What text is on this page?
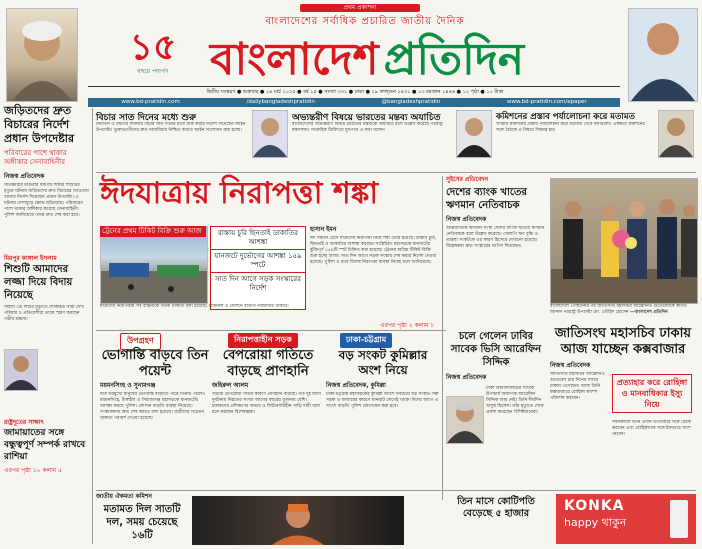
১৫
বছরে পদার্পণ
প্রথম প্রকাশনা
বাংলাদেশের সর্বাধিক প্রচারিত জাতীয় দৈনিক
বাংলাদেশ প্রতিদিন
দ্বিতীয় সংস্করণ ● শুক্রবার ● ১৪ মার্চ ২০২৫ ● বর্ষ ১৫ ● সংখ্যা ৩৩২ ● ঢাকা ● ২৯ ফাল্গুন ১৪৩১ ● ১৩ রমজান ১৪৪৬ ● ১২ পৃষ্ঠা ● ১০ টাকা
www.bd-pratidin.com	/dailybangladeshpratidin	@bangladeshpratidin	www.bd-pratidin.com/epaper
জড়িতদের দ্রুত বিচারের নির্দেশ প্রধান উপদেষ্টার
পরিবারের পাশে থাকার অঙ্গীকার সেনাবাহিনীর
নিজস্ব প্রতিবেদক
সাতক্ষীরার মাগুরায় ধর্ষণের শিকার শিশুটির মৃত্যুর ঘটনায় জড়িতদের দ্রুত বিচারের আওতায় আনার নির্দেশ দিয়েছেন প্রধান উপদেষ্টা। এ ঘটনায় দেশজুড়ে ক্ষোভ ছড়িয়েছে। পরিবারের পাশে থাকার অঙ্গীকার করেছে সেনাবাহিনী। পুলিশ জানিয়েছে তদন্ত দ্রুত শেষ করা হবে।
মিরপুর কাঙ্গাল ইসলাম
শিশুটি আমাদের লজ্জা দিয়ে বিদায় নিয়েছে
সাহসী এই শিশুর মৃত্যুতে শোকাহত সারা দেশ। পরিবার ও প্রতিবেশীরা তাকে স্মরণ করছেন গভীর শ্রদ্ধায়।
রাষ্ট্রদূতের সাক্ষাৎ
জামায়াতের সঙ্গে বন্ধুত্বপূর্ণ সম্পর্ক রাখবে রাশিয়া
এরপর পৃষ্ঠা ১০ কলাম ৫
বিচার সাত দিনের মধ্যে শুরু
নির্যাতন ও ধর্ষণের মামলার বিচার সাত দিনের মধ্যে শুরু করার নির্দেশ দিয়েছেন আইন উপদেষ্টা। ভুক্তভোগীদের দ্রুত ন্যায়বিচার নিশ্চিত করতে আইন সংশোধন করা হচ্ছে।
অভ্যন্তরীণ বিষয়ে ভারতের মন্তব্য অযাচিত
বাংলাদেশের অভ্যন্তরীণ বিষয়ে ভারতের মন্তব্যকে অযাচিত বলে উল্লেখ করেছে পররাষ্ট্র মন্ত্রণালয়। সাপ্তাহিক ব্রিফিংয়ে মুখপাত্র এ কথা বলেন।
কমিশনের প্রস্তাব পর্যালোচনা করে মতামত
সংস্কার কমিশনের প্রস্তাব পর্যালোচনা করে মতামত দেবে দলগুলো। ঐকমত্য কমিশনের সঙ্গে বৈঠকে এ বিষয়ে সিদ্ধান্ত হয়।
ঈদযাত্রায় নিরাপত্তা শঙ্কা
ট্রেনের প্রথম টিকিট বিক্রি শুরু আজ	রাস্তায় চুরি ছিনতাই ডাকাতির আশঙ্কা
যানজটে দুর্ভোগের আশঙ্কা ১৫৯ স্পটে
সাত দিন আগে সড়ক সংস্কারের নির্দেশ
হাসান ইমন
ঈদ সামনে রেখে যাত্রীদের নিরাপত্তা নিয়ে শঙ্কা তৈরি হয়েছে। রাস্তায় চুরি, ছিনতাই ও ডাকাতির আশঙ্কা করছেন সংশ্লিষ্টরা। মহাসড়কে যানজটের ঝুঁকিপূর্ণ ১৫৯টি স্পট চিহ্নিত করা হয়েছে। ট্রেনের অগ্রিম টিকিট বিক্রি শুরু হচ্ছে আজ। সাত দিন আগে সড়ক সংস্কার শেষ করার নির্দেশ দেওয়া হয়েছে। পুলিশ ও র‍্যাব বিশেষ নিরাপত্তা ব্যবস্থা নিচ্ছে বলে জানিয়েছে।
যাত্রীদের নিরাপত্তায় সব বাহিনীকে সতর্ক থাকতে বলা হয়েছে। টার্মিনাল ও স্টেশনে বাড়তি নজরদারি থাকবে।
এরপর পৃষ্ঠা ২ কলাম ১
সুইসের প্রতিবেদন
দেশের ব্যাংক খাতের ঋণমান নেতিবাচক
নিজস্ব প্রতিবেদক
আন্তর্জাতিক ঋণমান সংস্থা দেশের ব্যাংক খাতের ঋণমান নেতিবাচক বলে উল্লেখ করেছে। খেলাপি ঋণ বৃদ্ধি ও তারল্য সংকটকে এর কারণ হিসেবে দেখানো হয়েছে। বিশ্লেষকরা দ্রুত সংস্কারের তাগিদ দিয়েছেন।
বাংলাদেশে পৌঁছানোর পর জাতিসংঘ মহাসচিব আন্তোনিও গুতেরেসকে স্বাগত জানান পররাষ্ট্র উপদেষ্টা মো. তৌহিদ হোসেন —বাংলাদেশ প্রতিদিন
উপগ্রহণ
ভোগান্তি বাড়বে তিন পয়েন্ট
ময়মনসিংহ ও সুনামগঞ্জ
ঈদে ঘরমুখো মানুষের ভোগান্তি বাড়াতে পারে তিনটি পয়েন্ট। ময়মনসিংহ, টাঙ্গাইল ও সিরাজগঞ্জ মহাসড়কে যানজটের আশঙ্কা করছে পুলিশ। প্রশাসন বাড়তি ব্যবস্থা নিয়েছে। সংস্কারকাজ দ্রুত শেষ করতে বলা হয়েছে। যাত্রীদের সচেতন থাকতে পরামর্শ দেওয়া হয়েছে।
নিরাপত্তাহীন সড়ক
বেপরোয়া গতিতে বাড়ছে প্রাণহানি
জহিরুল আলম
সড়কে বেপরোয়া গতির কারণে প্রাণহানি বাড়ছে। গত দুই মাসে দুর্ঘটনায় নিহতের সংখ্যা আগের বছরের তুলনায় বেশি। চালকদের প্রশিক্ষণের অভাব ও ফিটনেসবিহীন গাড়ি দায়ী বলে মনে করছেন বিশেষজ্ঞরা।
ঢাকা-চট্টগ্রাম
বড় সংকট কুমিল্লার অংশ নিয়ে
নিজস্ব প্রতিবেদক, কুমিল্লা
ঢাকা-চট্টগ্রাম মহাসড়কের কুমিল্লা অংশে সবচেয়ে বড় সংকট। সরু সড়ক ও বাজারের কারণে যানজট লেগেই থাকে। ঈদের আগে এ অংশে বাড়তি পুলিশ মোতায়েন করা হবে।
চলে গেলেন ঢাবির সাবেক ভিসি আরেফিন সিদ্দিক
নিজস্ব প্রতিবেদক
ঢাকা বিশ্ববিদ্যালয়ের সাবেক উপাচার্য অধ্যাপক আরেফিন সিদ্দিক আর নেই। তিনি দীর্ঘদিন অসুস্থ ছিলেন। তাঁর মৃত্যুতে শোক প্রকাশ করেছেন বিশিষ্টজনেরা।
জাতিসংঘ মহাসচিব ঢাকায় আজ যাচ্ছেন কক্সবাজার
নিজস্ব প্রতিবেদক
জাতিসংঘ মহাসচিব আন্তোনিও গুতেরেস চার দিনের সফরে ঢাকায় এসেছেন। আজ তিনি কক্সবাজারে রোহিঙ্গা ক্যাম্প পরিদর্শন করবেন।
প্রত্যাহার করে রোহিঙ্গা ও মানবাধিকার ইস্যু নিয়ে
সফরকালে তিনি প্রধান উপদেষ্টার সঙ্গে বৈঠক করবেন এবং রোহিঙ্গাদের সঙ্গে ইফতারে অংশ নেবেন।
জাতীয় ঐকমত্য কমিশন
মতামত দিল সাতটি দল, সময় চেয়েছে ১৬টি
তিন মাসে কোটিপতি বেড়েছে ৫ হাজার	KONKA
happy থাকুন
